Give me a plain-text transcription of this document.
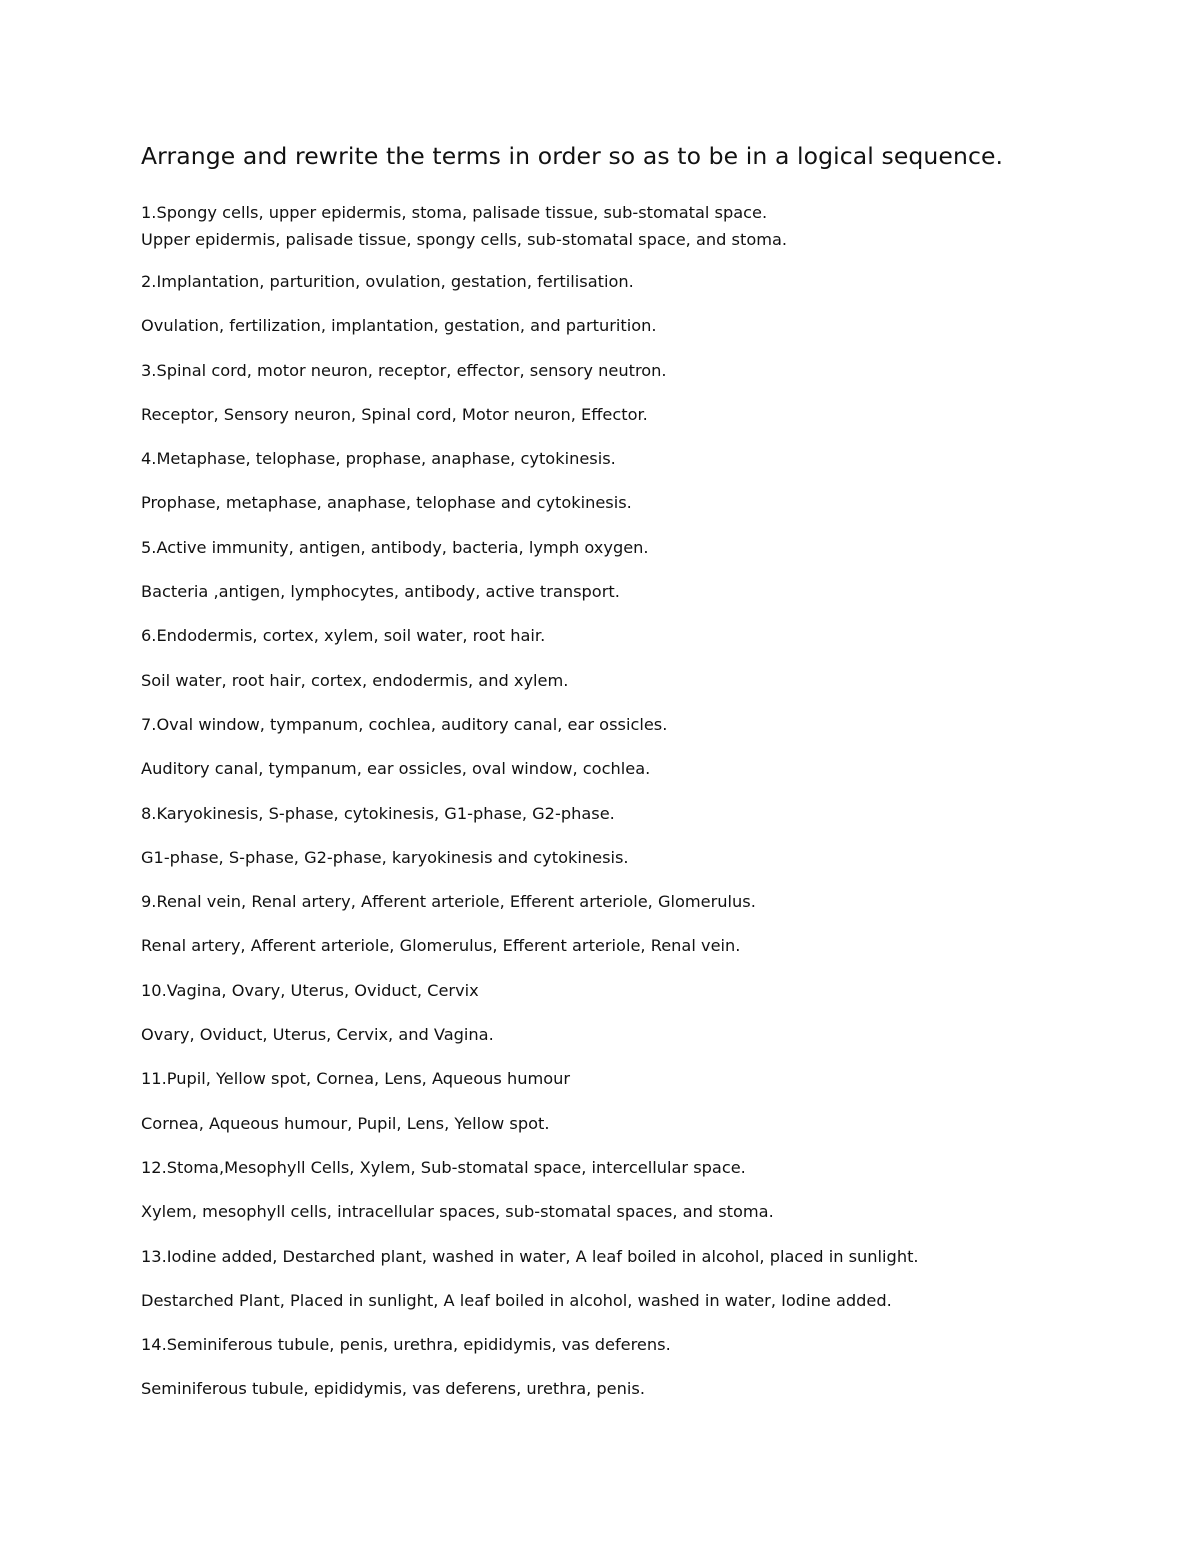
Arrange and rewrite the terms in order so as to be in a logical sequence.
1.Spongy cells, upper epidermis, stoma, palisade tissue, sub-stomatal space.
Upper epidermis, palisade tissue, spongy cells, sub-stomatal space, and stoma.
2.Implantation, parturition, ovulation, gestation, fertilisation.
Ovulation, fertilization, implantation, gestation, and parturition.
3.Spinal cord, motor neuron, receptor, effector, sensory neutron.
Receptor, Sensory neuron, Spinal cord, Motor neuron, Effector.
4.Metaphase, telophase, prophase, anaphase, cytokinesis.
Prophase, metaphase, anaphase, telophase and cytokinesis.
5.Active immunity, antigen, antibody, bacteria, lymph oxygen.
Bacteria ,antigen, lymphocytes, antibody, active transport.
6.Endodermis, cortex, xylem, soil water, root hair.
Soil water, root hair, cortex, endodermis, and xylem.
7.Oval window, tympanum, cochlea, auditory canal, ear ossicles.
Auditory canal, tympanum, ear ossicles, oval window, cochlea.
8.Karyokinesis, S-phase, cytokinesis, G1-phase, G2-phase.
G1-phase, S-phase, G2-phase, karyokinesis and cytokinesis.
9.Renal vein, Renal artery, Afferent arteriole, Efferent arteriole, Glomerulus.
Renal artery, Afferent arteriole, Glomerulus, Efferent arteriole, Renal vein.
10.Vagina, Ovary, Uterus, Oviduct, Cervix
Ovary, Oviduct, Uterus, Cervix, and Vagina.
11.Pupil, Yellow spot, Cornea, Lens, Aqueous humour
Cornea, Aqueous humour, Pupil, Lens, Yellow spot.
12.Stoma,Mesophyll Cells, Xylem, Sub-stomatal space, intercellular space.
Xylem, mesophyll cells, intracellular spaces, sub-stomatal spaces, and stoma.
13.Iodine added, Destarched plant, washed in water, A leaf boiled in alcohol, placed in sunlight.
Destarched Plant, Placed in sunlight, A leaf boiled in alcohol, washed in water, Iodine added.
14.Seminiferous tubule, penis, urethra, epididymis, vas deferens.
Seminiferous tubule, epididymis, vas deferens, urethra, penis.
